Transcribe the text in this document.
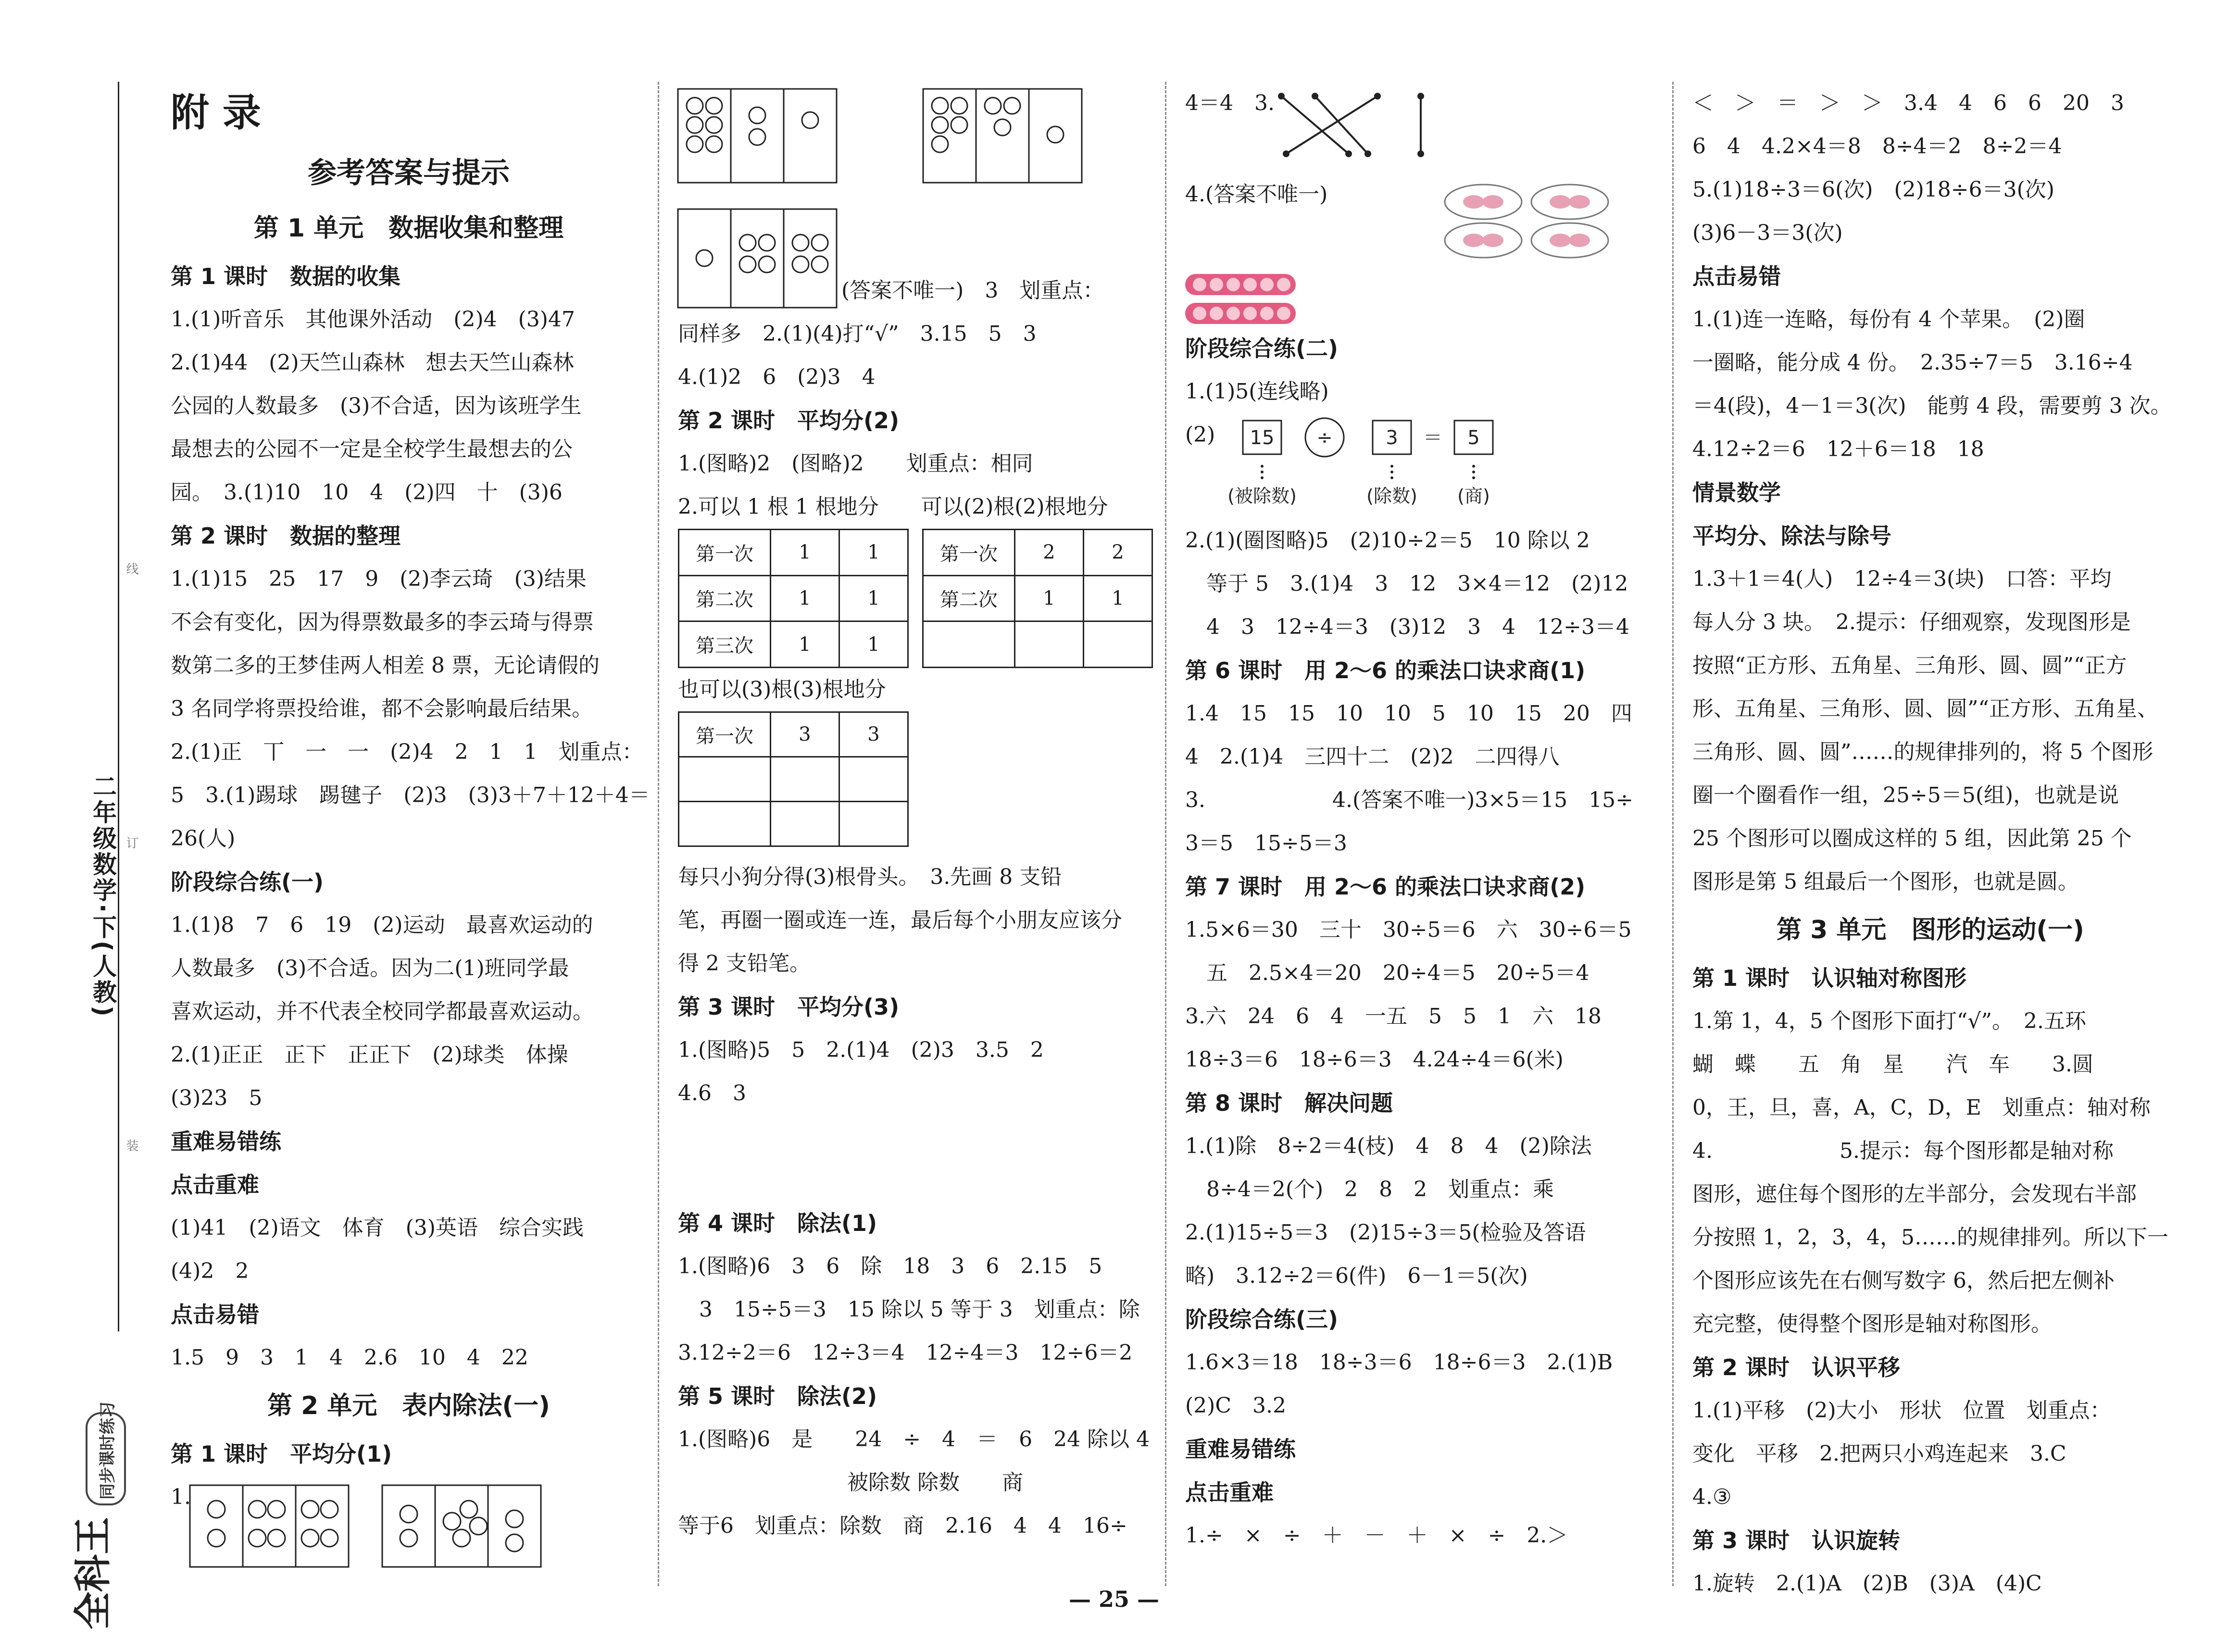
二年级数学·下(人教)
线
订
装
全科王
同步课时练习
附 录
参考答案与提示
第 1 单元　数据收集和整理
第 1 课时　数据的收集
1.(1)听音乐　其他课外活动　(2)4　(3)47
2.(1)44　(2)天竺山森林　想去天竺山森林
公园的人数最多　(3)不合适，因为该班学生
最想去的公园不一定是全校学生最想去的公
园。　3.(1)10　10　4　(2)四　十　(3)6
第 2 课时　数据的整理
1.(1)15　25　17　9　(2)李云琦　(3)结果
不会有变化，因为得票数最多的李云琦与得票
数第二多的王梦佳两人相差 8 票，无论请假的
3 名同学将票投给谁，都不会影响最后结果。
2.(1)正　丅　一　一　(2)4　2　1　1　划重点：
5　3.(1)踢球　踢毽子　(2)3　(3)3＋7＋12＋4＝
26(人)
阶段综合练(一)
1.(1)8　7　6　19　(2)运动　最喜欢运动的
人数最多　(3)不合适。因为二(1)班同学最
喜欢运动，并不代表全校同学都最喜欢运动。
2.(1)正正　正下　正正下　(2)球类　体操
(3)23　5
重难易错练
点击重难
(1)41　(2)语文　体育　(3)英语　综合实践
(4)2　2
点击易错
1.5　9　3　1　4　2.6　10　4　22
第 2 单元　表内除法(一)
第 1 课时　平均分(1)
1.
(答案不唯一)　3　划重点：
同样多　2.(1)(4)打“√”　3.15　5　3
4.(1)2　6　(2)3　4
第 2 课时　平均分(2)
1.(图略)2　(图略)2　　划重点：相同
2.可以 1 根 1 根地分　　可以(2)根(2)根地分
第一次	1	1
第二次	1	1
第三次	1	1
第一次	2	2
第二次	1	1

也可以(3)根(3)根地分
第一次	3	3

每只小狗分得(3)根骨头。　3.先画 8 支铅
笔，再圈一圈或连一连，最后每个小朋友应该分
得 2 支铅笔。
第 3 课时　平均分(3)
1.(图略)5　5　2.(1)4　(2)3　3.5　2
4.6　3
第 4 课时　除法(1)
1.(图略)6　3　6　除　18　3　6　2.15　5
　3　15÷5＝3　15 除以 5 等于 3　划重点：除
3.12÷2＝6　12÷3＝4　12÷4＝3　12÷6＝2
第 5 课时　除法(2)
1.(图略)6　是　　24　÷　4　＝　6　24 除以 4
　　　　　　　　被除数 除数　　商
等于6　划重点：除数　商　2.16　4　4　16÷
4＝4　3.
4.(答案不唯一)
阶段综合练(二)
1.(1)5(连线略)
(2) 15 ÷	3 ＝ 5
(被除数)	(除数) (商)
2.(1)(圈图略)5　(2)10÷2＝5　10 除以 2
　等于 5　3.(1)4　3　12　3×4＝12　(2)12
　4　3　12÷4＝3　(3)12　3　4　12÷3＝4
第 6 课时　用 2～6 的乘法口诀求商(1)
1.4　15　15　10　10　5　10　15　20　四
4　2.(1)4　三四十二　(2)2　二四得八
3.　　　　　　4.(答案不唯一)3×5＝15　15÷
3＝5　15÷5＝3
第 7 课时　用 2～6 的乘法口诀求商(2)
1.5×6＝30　三十　30÷5＝6　六　30÷6＝5
　五　2.5×4＝20　20÷4＝5　20÷5＝4
3.六　24　6　4　一五　5　5　1　六　18
18÷3＝6　18÷6＝3　4.24÷4＝6(米)
第 8 课时　解决问题
1.(1)除　8÷2＝4(枝)　4　8　4　(2)除法
　8÷4＝2(个)　2　8　2　划重点：乘
2.(1)15÷5＝3　(2)15÷3＝5(检验及答语
略)　3.12÷2＝6(件)　6－1＝5(次)
阶段综合练(三)
1.6×3＝18　18÷3＝6　18÷6＝3　2.(1)B
(2)C　3.2
重难易错练
点击重难
1.÷　×　÷　＋　－　＋　×　÷　2.＞
＜　＞　＝　＞　＞　3.4　4　6　6　20　3
6　4　4.2×4＝8　8÷4＝2　8÷2＝4
5.(1)18÷3＝6(次)　(2)18÷6＝3(次)
(3)6－3＝3(次)
点击易错
1.(1)连一连略，每份有 4 个苹果。　(2)圈
一圈略，能分成 4 份。　2.35÷7＝5　3.16÷4
＝4(段)，4－1＝3(次)　能剪 4 段，需要剪 3 次。
4.12÷2＝6　12＋6＝18　18
情景数学
平均分、除法与除号
1.3＋1＝4(人)　12÷4＝3(块)　口答：平均
每人分 3 块。　2.提示：仔细观察，发现图形是
按照“正方形、五角星、三角形、圆、圆”“正方
形、五角星、三角形、圆、圆”“正方形、五角星、
三角形、圆、圆”……的规律排列的，将 5 个图形
圈一个圈看作一组，25÷5＝5(组)，也就是说
25 个图形可以圈成这样的 5 组，因此第 25 个
图形是第 5 组最后一个图形，也就是圆。
第 3 单元　图形的运动(一)
第 1 课时　认识轴对称图形
1.第 1，4，5 个图形下面打“√”。　2.五环
蝴　蝶　　五　角　星　　汽　车　　3.圆
0，王，旦，喜，A，C，D，E　划重点：轴对称
4.　　　　　　5.提示：每个图形都是轴对称
图形，遮住每个图形的左半部分，会发现右半部
分按照 1，2，3，4，5……的规律排列。所以下一
个图形应该先在右侧写数字 6，然后把左侧补
充完整，使得整个图形是轴对称图形。
第 2 课时　认识平移
1.(1)平移　(2)大小　形状　位置　划重点：
变化　平移　2.把两只小鸡连起来　3.C
4.③
第 3 课时　认识旋转
1.旋转　2.(1)A　(2)B　(3)A　(4)C
— 25 —
